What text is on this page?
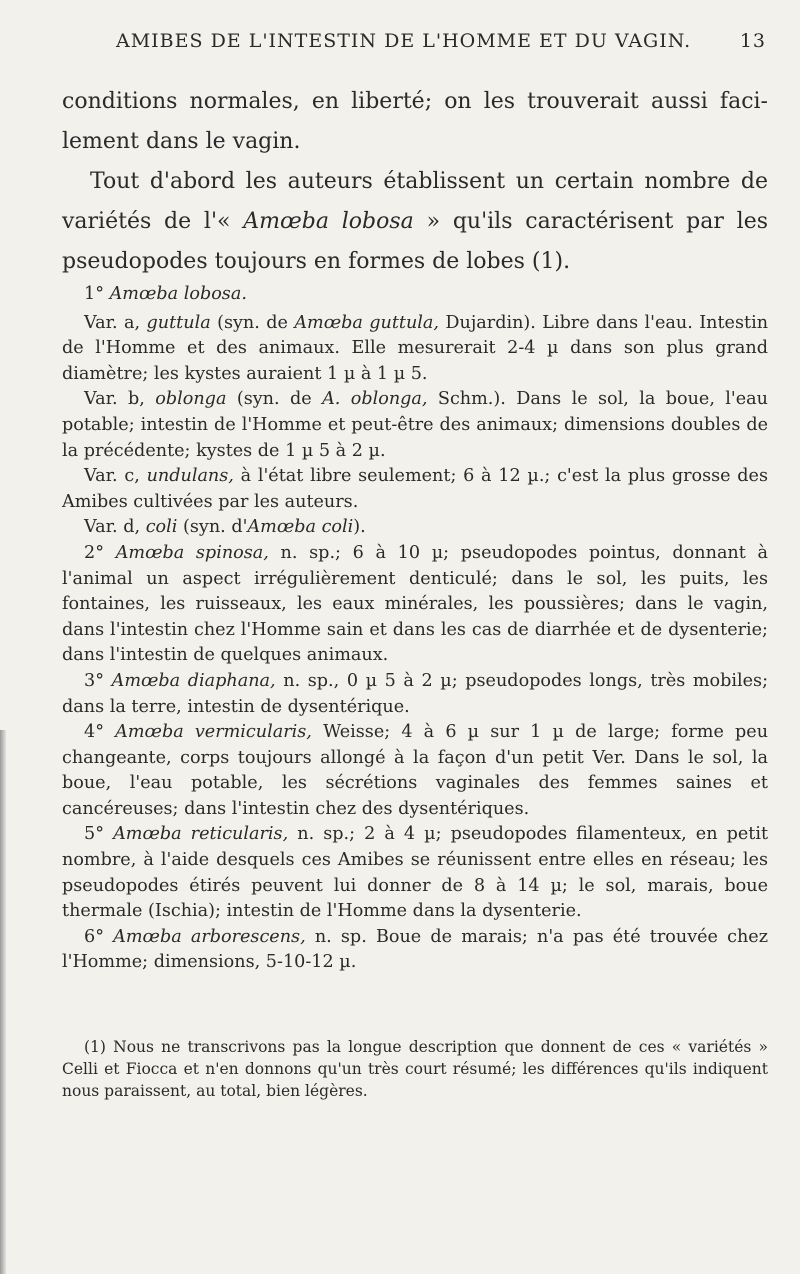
AMIBES DE L'INTESTIN DE L'HOMME ET DU VAGIN.	13

conditions normales, en liberté; on les trouverait aussi faci-lement dans le vagin.

Tout d'abord les auteurs établissent un certain nombre de variétés de l'« Amœba lobosa » qu'ils caractérisent par les pseudopodes toujours en formes de lobes (1).

1° Amœba lobosa.

Var. a, guttula (syn. de Amœba guttula, Dujardin). Libre dans l'eau. Intestin de l'Homme et des animaux. Elle mesurerait 2-4 µ dans son plus grand diamètre; les kystes auraient 1 µ à 1 µ 5.

Var. b, oblonga (syn. de A. oblonga, Schm.). Dans le sol, la boue, l'eau potable; intestin de l'Homme et peut-être des animaux; dimensions doubles de la précédente; kystes de 1 µ 5 à 2 µ.

Var. c, undulans, à l'état libre seulement; 6 à 12 µ.; c'est la plus grosse des Amibes cultivées par les auteurs.

Var. d, coli (syn. d'Amœba coli).

2° Amœba spinosa, n. sp.; 6 à 10 µ; pseudopodes pointus, donnant à l'animal un aspect irrégulièrement denticulé; dans le sol, les puits, les fontaines, les ruisseaux, les eaux minérales, les poussières; dans le vagin, dans l'intestin chez l'Homme sain et dans les cas de diarrhée et de dysenterie; dans l'intestin de quelques animaux.

3° Amœba diaphana, n. sp., 0 µ 5 à 2 µ; pseudopodes longs, très mobiles; dans la terre, intestin de dysentérique.

4° Amœba vermicularis, Weisse; 4 à 6 µ sur 1 µ de large; forme peu changeante, corps toujours allongé à la façon d'un petit Ver. Dans le sol, la boue, l'eau potable, les sécrétions vaginales des femmes saines et cancéreuses; dans l'intestin chez des dysentériques.

5° Amœba reticularis, n. sp.; 2 à 4 µ; pseudopodes filamenteux, en petit nombre, à l'aide desquels ces Amibes se réunissent entre elles en réseau; les pseudopodes étirés peuvent lui donner de 8 à 14 µ; le sol, marais, boue thermale (Ischia); intestin de l'Homme dans la dysenterie.

6° Amœba arborescens, n. sp. Boue de marais; n'a pas été trouvée chez l'Homme; dimensions, 5-10-12 µ.

(1) Nous ne transcrivons pas la longue description que donnent de ces « variétés » Celli et Fiocca et n'en donnons qu'un très court résumé; les différences qu'ils indiquent nous paraissent, au total, bien légères.
